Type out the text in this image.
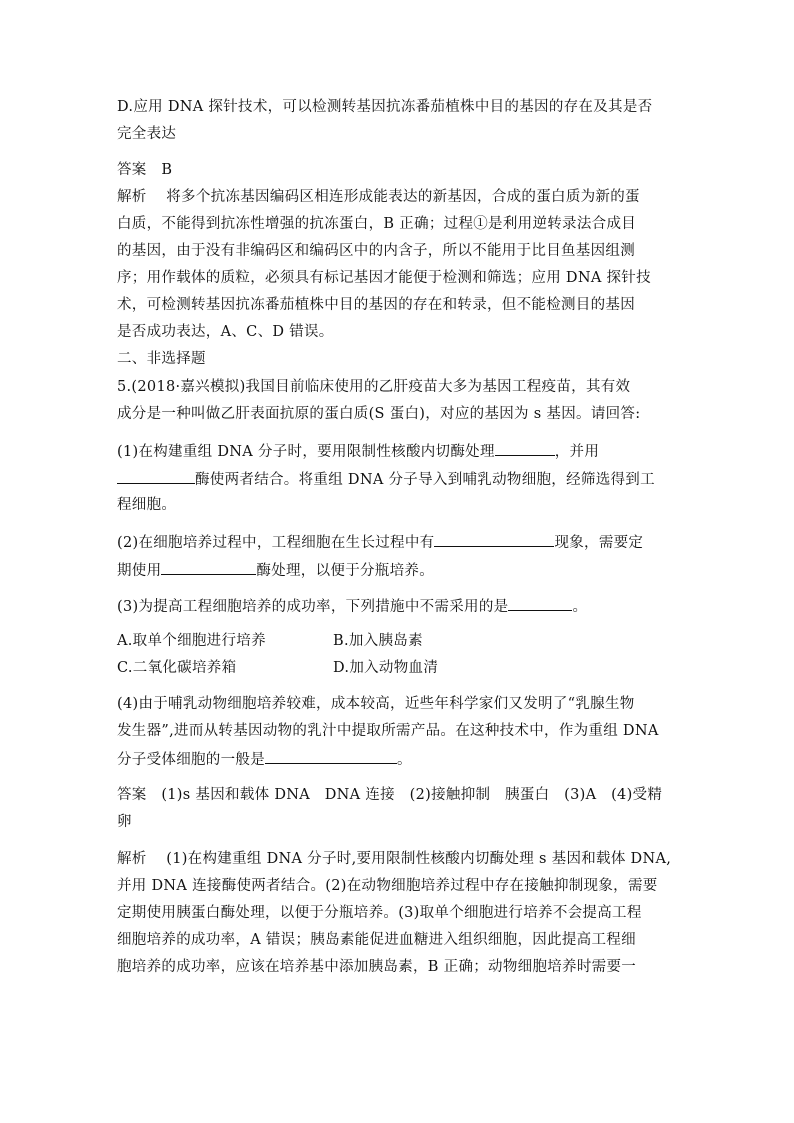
D.应用 DNA 探针技术，可以检测转基因抗冻番茄植株中目的基因的存在及其是否
完全表达
答案   B
解析    将多个抗冻基因编码区相连形成能表达的新基因，合成的蛋白质为新的蛋
白质，不能得到抗冻性增强的抗冻蛋白，B 正确；过程①是利用逆转录法合成目
的基因，由于没有非编码区和编码区中的内含子，所以不能用于比目鱼基因组测
序；用作载体的质粒，必须具有标记基因才能便于检测和筛选；应用 DNA 探针技
术，可检测转基因抗冻番茄植株中目的基因的存在和转录，但不能检测目的基因
是否成功表达，A、C、D 错误。
二、非选择题
5.(2018·嘉兴模拟)我国目前临床使用的乙肝疫苗大多为基因工程疫苗，其有效
成分是一种叫做乙肝表面抗原的蛋白质(S 蛋白)，对应的基因为 s 基因。请回答:
(1)在构建重组 DNA 分子时，要用限制性核酸内切酶处理	，并用
酶使两者结合。将重组 DNA 分子导入到哺乳动物细胞，经筛选得到工
程细胞。
(2)在细胞培养过程中，工程细胞在生长过程中有	现象，需要定
期使用	酶处理，以便于分瓶培养。
(3)为提高工程细胞培养的成功率，下列措施中不需采用的是	。
A.取单个细胞进行培养	B.加入胰岛素
C.二氧化碳培养箱	D.加入动物血清
(4)由于哺乳动物细胞培养较难，成本较高，近些年科学家们又发明了“乳腺生物
发生器”,进而从转基因动物的乳汁中提取所需产品。在这种技术中，作为重组 DNA
分子受体细胞的一般是	。
答案   (1)s 基因和载体 DNA   DNA 连接   (2)接触抑制   胰蛋白   (3)A   (4)受精
卵
解析    (1)在构建重组 DNA 分子时,要用限制性核酸内切酶处理 s 基因和载体 DNA,
并用 DNA 连接酶使两者结合。(2)在动物细胞培养过程中存在接触抑制现象，需要
定期使用胰蛋白酶处理，以便于分瓶培养。(3)取单个细胞进行培养不会提高工程
细胞培养的成功率，A 错误；胰岛素能促进血糖进入组织细胞，因此提高工程细
胞培养的成功率，应该在培养基中添加胰岛素，B 正确；动物细胞培养时需要一
